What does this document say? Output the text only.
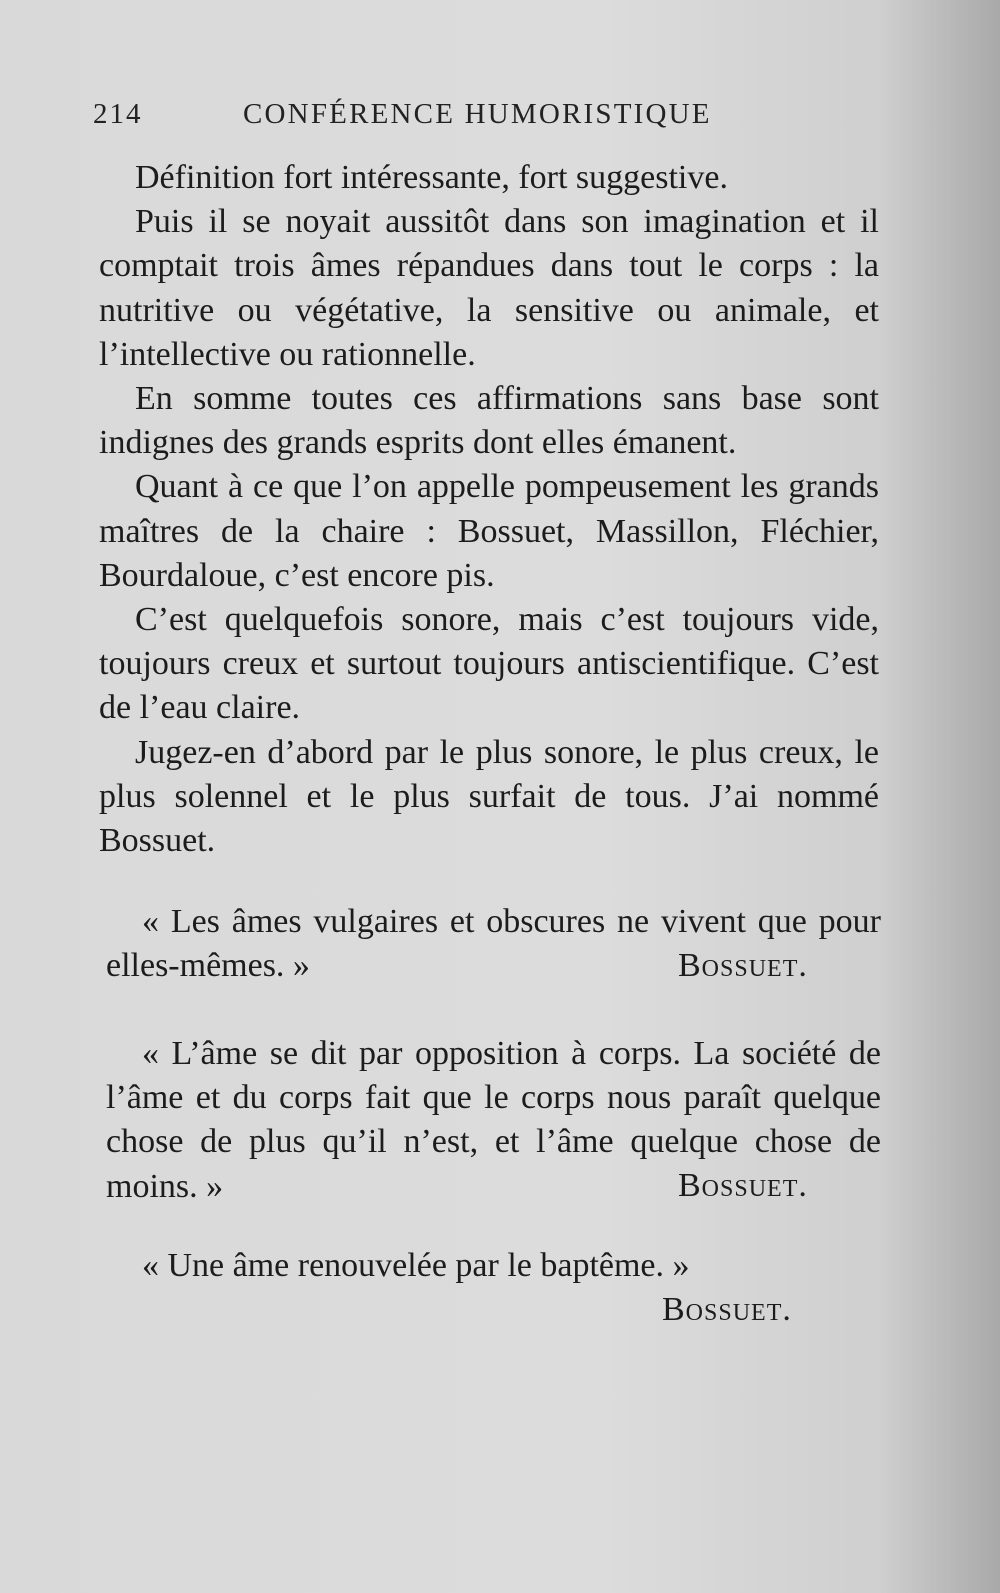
214	CONFÉRENCE HUMORISTIQUE

Définition fort intéressante, fort suggestive.

Puis il se noyait aussitôt dans son imagination et il comptait trois âmes répandues dans tout le corps : la nutritive ou végétative, la sensitive ou animale, et l’intellective ou rationnelle.

En somme toutes ces affirmations sans base sont indignes des grands esprits dont elles émanent.

Quant à ce que l’on appelle pompeusement les grands maîtres de la chaire : Bossuet, Massillon, Fléchier, Bourdaloue, c’est encore pis.

C’est quelquefois sonore, mais c’est toujours vide, toujours creux et surtout toujours antiscientifique. C’est de l’eau claire.

Jugez-en d’abord par le plus sonore, le plus creux, le plus solennel et le plus surfait de tous. J’ai nommé Bossuet.

« Les âmes vulgaires et obscures ne vivent que pour elles-mêmes. »	Bossuet.
« L’âme se dit par opposition à corps. La société de l’âme et du corps fait que le corps nous paraît quelque chose de plus qu’il n’est, et l’âme quelque chose de moins. »	Bossuet.
« Une âme renouvelée par le baptême. »
Bossuet.
